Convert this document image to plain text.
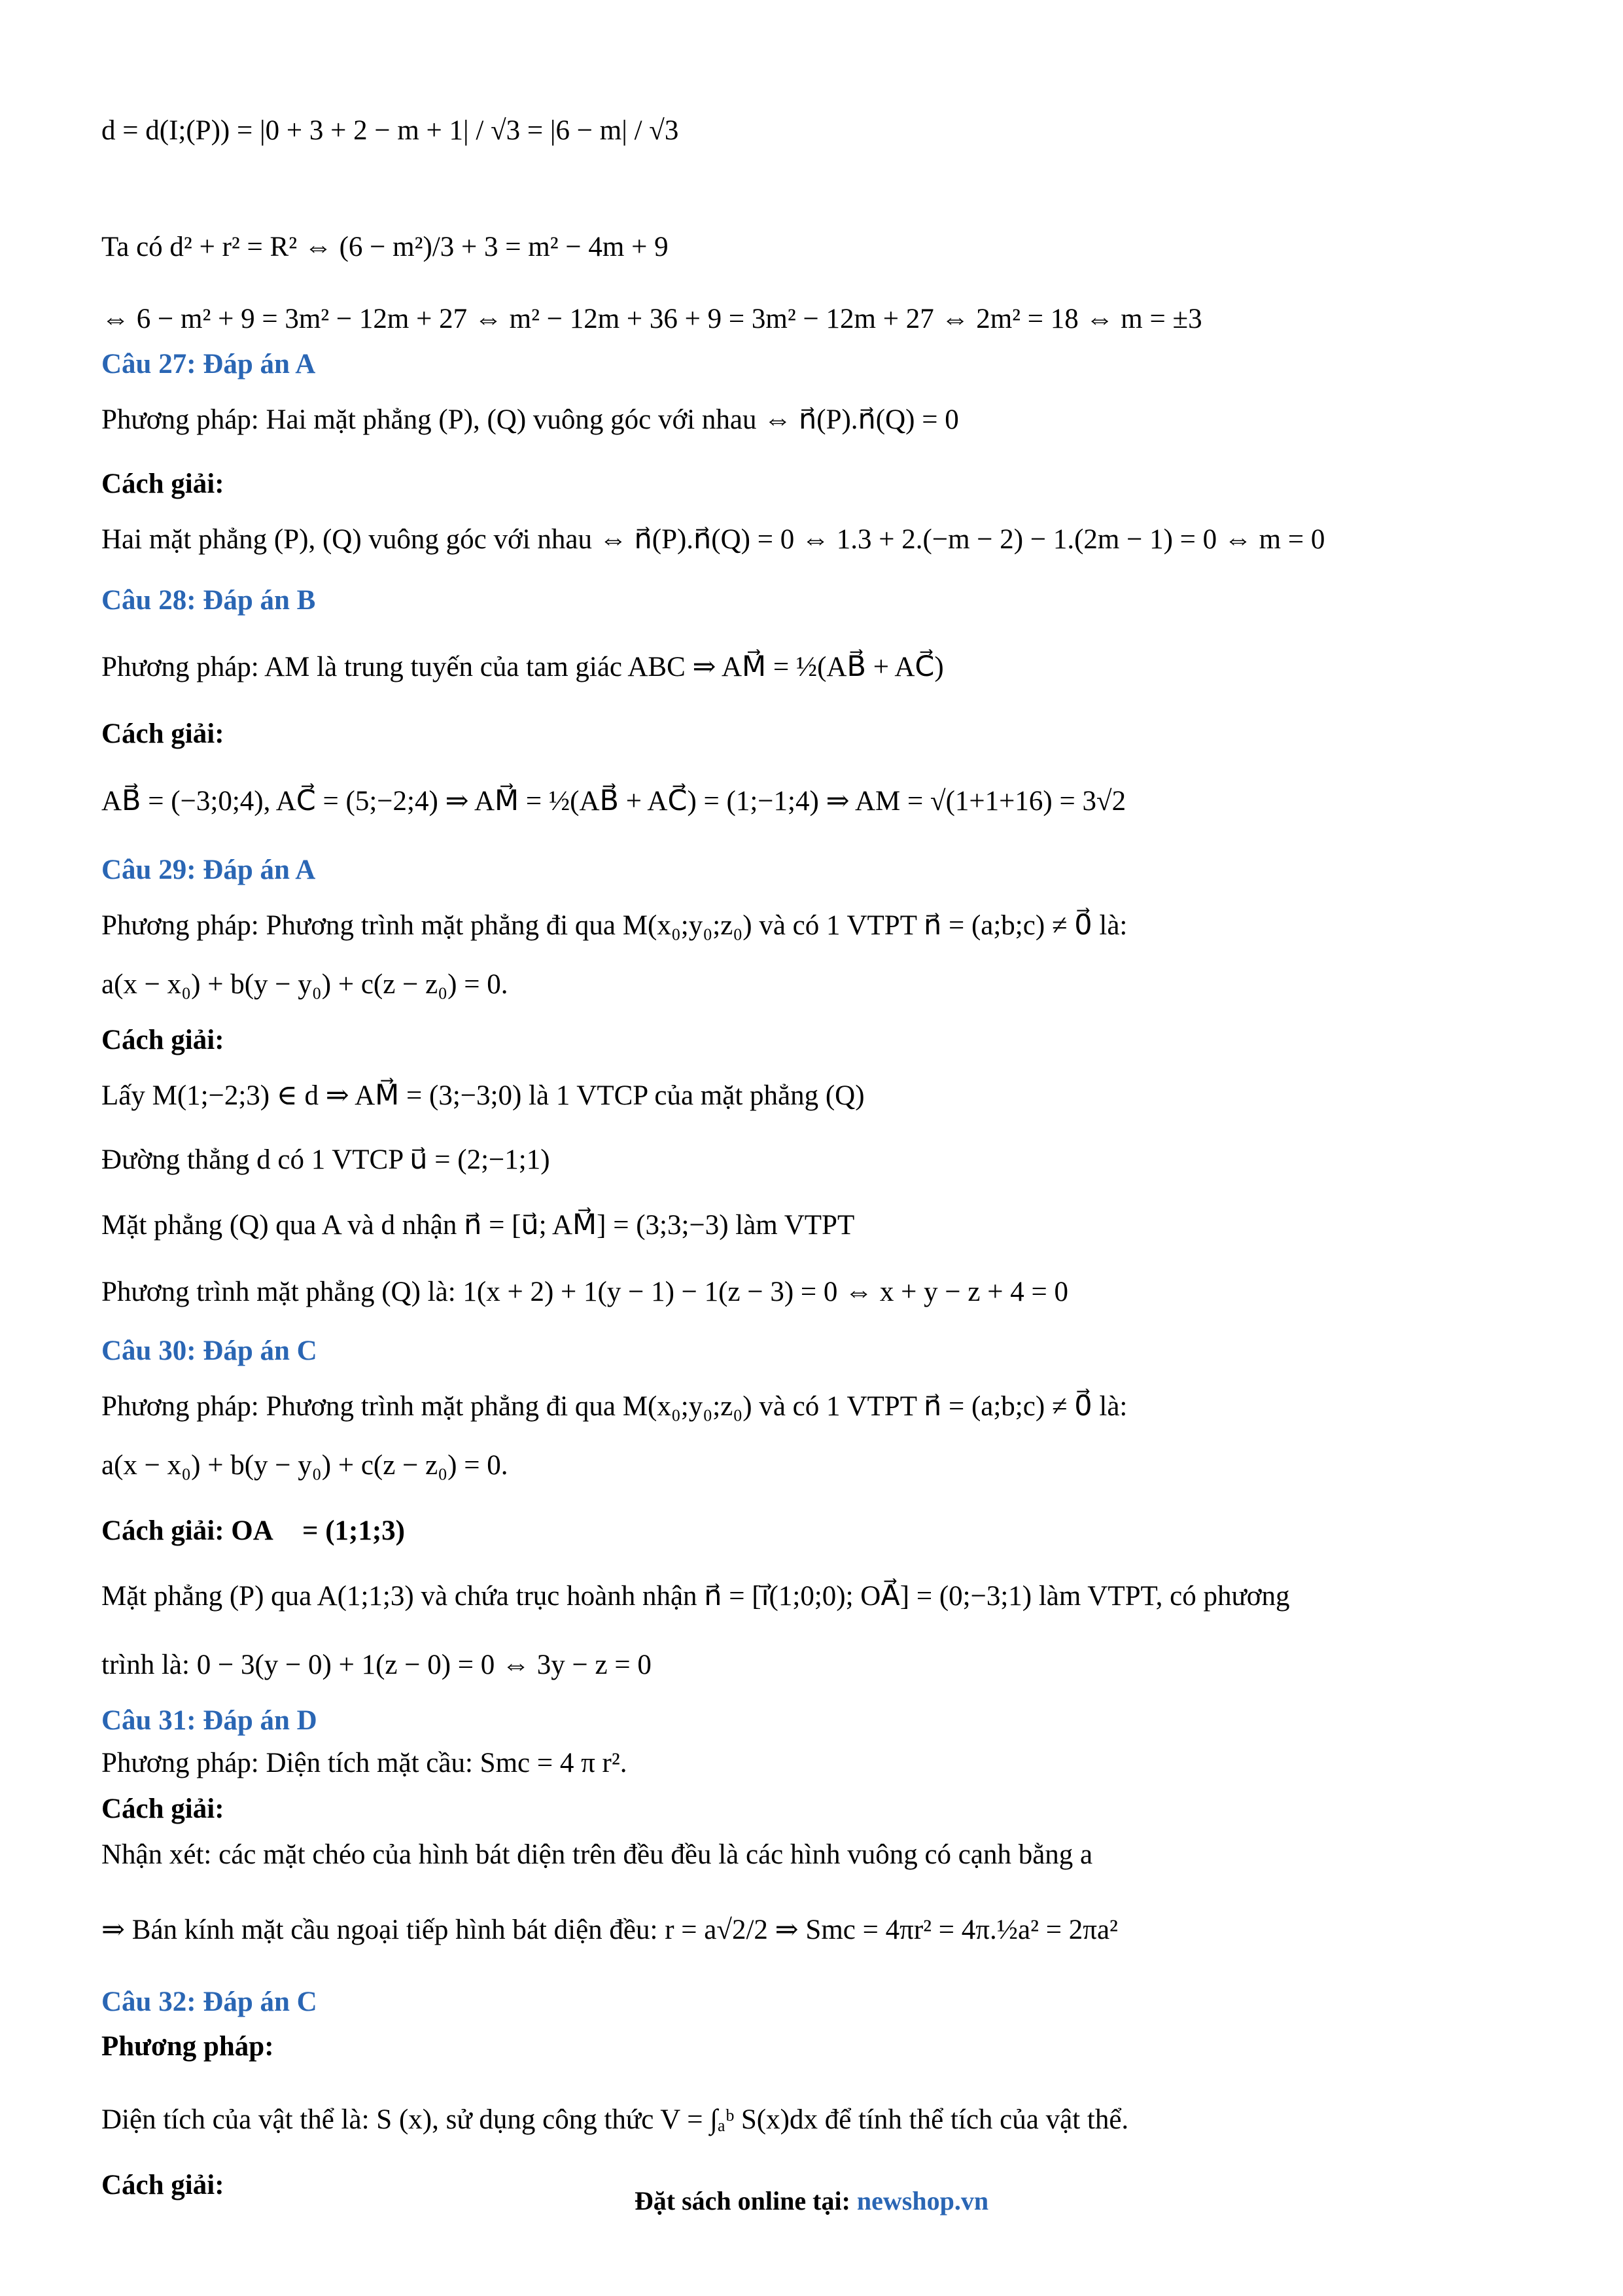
d = d(I;(P)) = |0 + 3 + 2 − m + 1| / √3 = |6 − m| / √3
Ta có d² + r² = R² ⇔ (6 − m²)/3 + 3 = m² − 4m + 9
⇔ 6 − m² + 9 = 3m² − 12m + 27 ⇔ m² − 12m + 36 + 9 = 3m² − 12m + 27 ⇔ 2m² = 18 ⇔ m = ±3
Câu 27: Đáp án A
Phương pháp: Hai mặt phẳng (P), (Q) vuông góc với nhau ⇔ n⃗(P).n⃗(Q) = 0
Cách giải:
Hai mặt phẳng (P), (Q) vuông góc với nhau ⇔ n⃗(P).n⃗(Q) = 0 ⇔ 1.3 + 2.(−m − 2) − 1.(2m − 1) = 0 ⇔ m = 0
Câu 28: Đáp án B
Phương pháp: AM là trung tuyến của tam giác ABC ⇒ AM⃗ = ½(AB⃗ + AC⃗)
Cách giải:
AB⃗ = (−3;0;4), AC⃗ = (5;−2;4) ⇒ AM⃗ = ½(AB⃗ + AC⃗) = (1;−1;4) ⇒ AM = √(1+1+16) = 3√2
Câu 29: Đáp án A
Phương pháp: Phương trình mặt phẳng đi qua M(x₀;y₀;z₀) và có 1 VTPT n⃗ = (a;b;c) ≠ 0⃗ là:
a(x − x₀) + b(y − y₀) + c(z − z₀) = 0.
Cách giải:
Lấy M(1;−2;3) ∈ d ⇒ AM⃗ = (3;−3;0) là 1 VTCP của mặt phẳng (Q)
Đường thẳng d có 1 VTCP u⃗ = (2;−1;1)
Mặt phẳng (Q) qua A và d nhận n⃗ = [u⃗; AM⃗] = (3;3;−3) làm VTPT
Phương trình mặt phẳng (Q) là: 1(x + 2) + 1(y − 1) − 1(z − 3) = 0 ⇔ x + y − z + 4 = 0
Câu 30: Đáp án C
Phương pháp: Phương trình mặt phẳng đi qua M(x₀;y₀;z₀) và có 1 VTPT n⃗ = (a;b;c) ≠ 0⃗ là:
a(x − x₀) + b(y − y₀) + c(z − z₀) = 0.
Cách giải: OA⃗ = (1;1;3)
Mặt phẳng (P) qua A(1;1;3) và chứa trục hoành nhận n⃗ = [i⃗(1;0;0); OA⃗] = (0;−3;1) làm VTPT, có phương
trình là: 0 − 3(y − 0) + 1(z − 0) = 0 ⇔ 3y − z = 0
Câu 31: Đáp án D
Phương pháp: Diện tích mặt cầu: Smc = 4 π r².
Cách giải:
Nhận xét: các mặt chéo của hình bát diện trên đều đều là các hình vuông có cạnh bằng a
⇒ Bán kính mặt cầu ngoại tiếp hình bát diện đều: r = a√2/2 ⇒ Smc = 4πr² = 4π.½a² = 2πa²
Câu 32: Đáp án C
Phương pháp:
Diện tích của vật thể là: S (x), sử dụng công thức V = ∫ₐᵇ S(x)dx để tính thể tích của vật thể.
Cách giải:
Đặt sách online tại: newshop.vn
